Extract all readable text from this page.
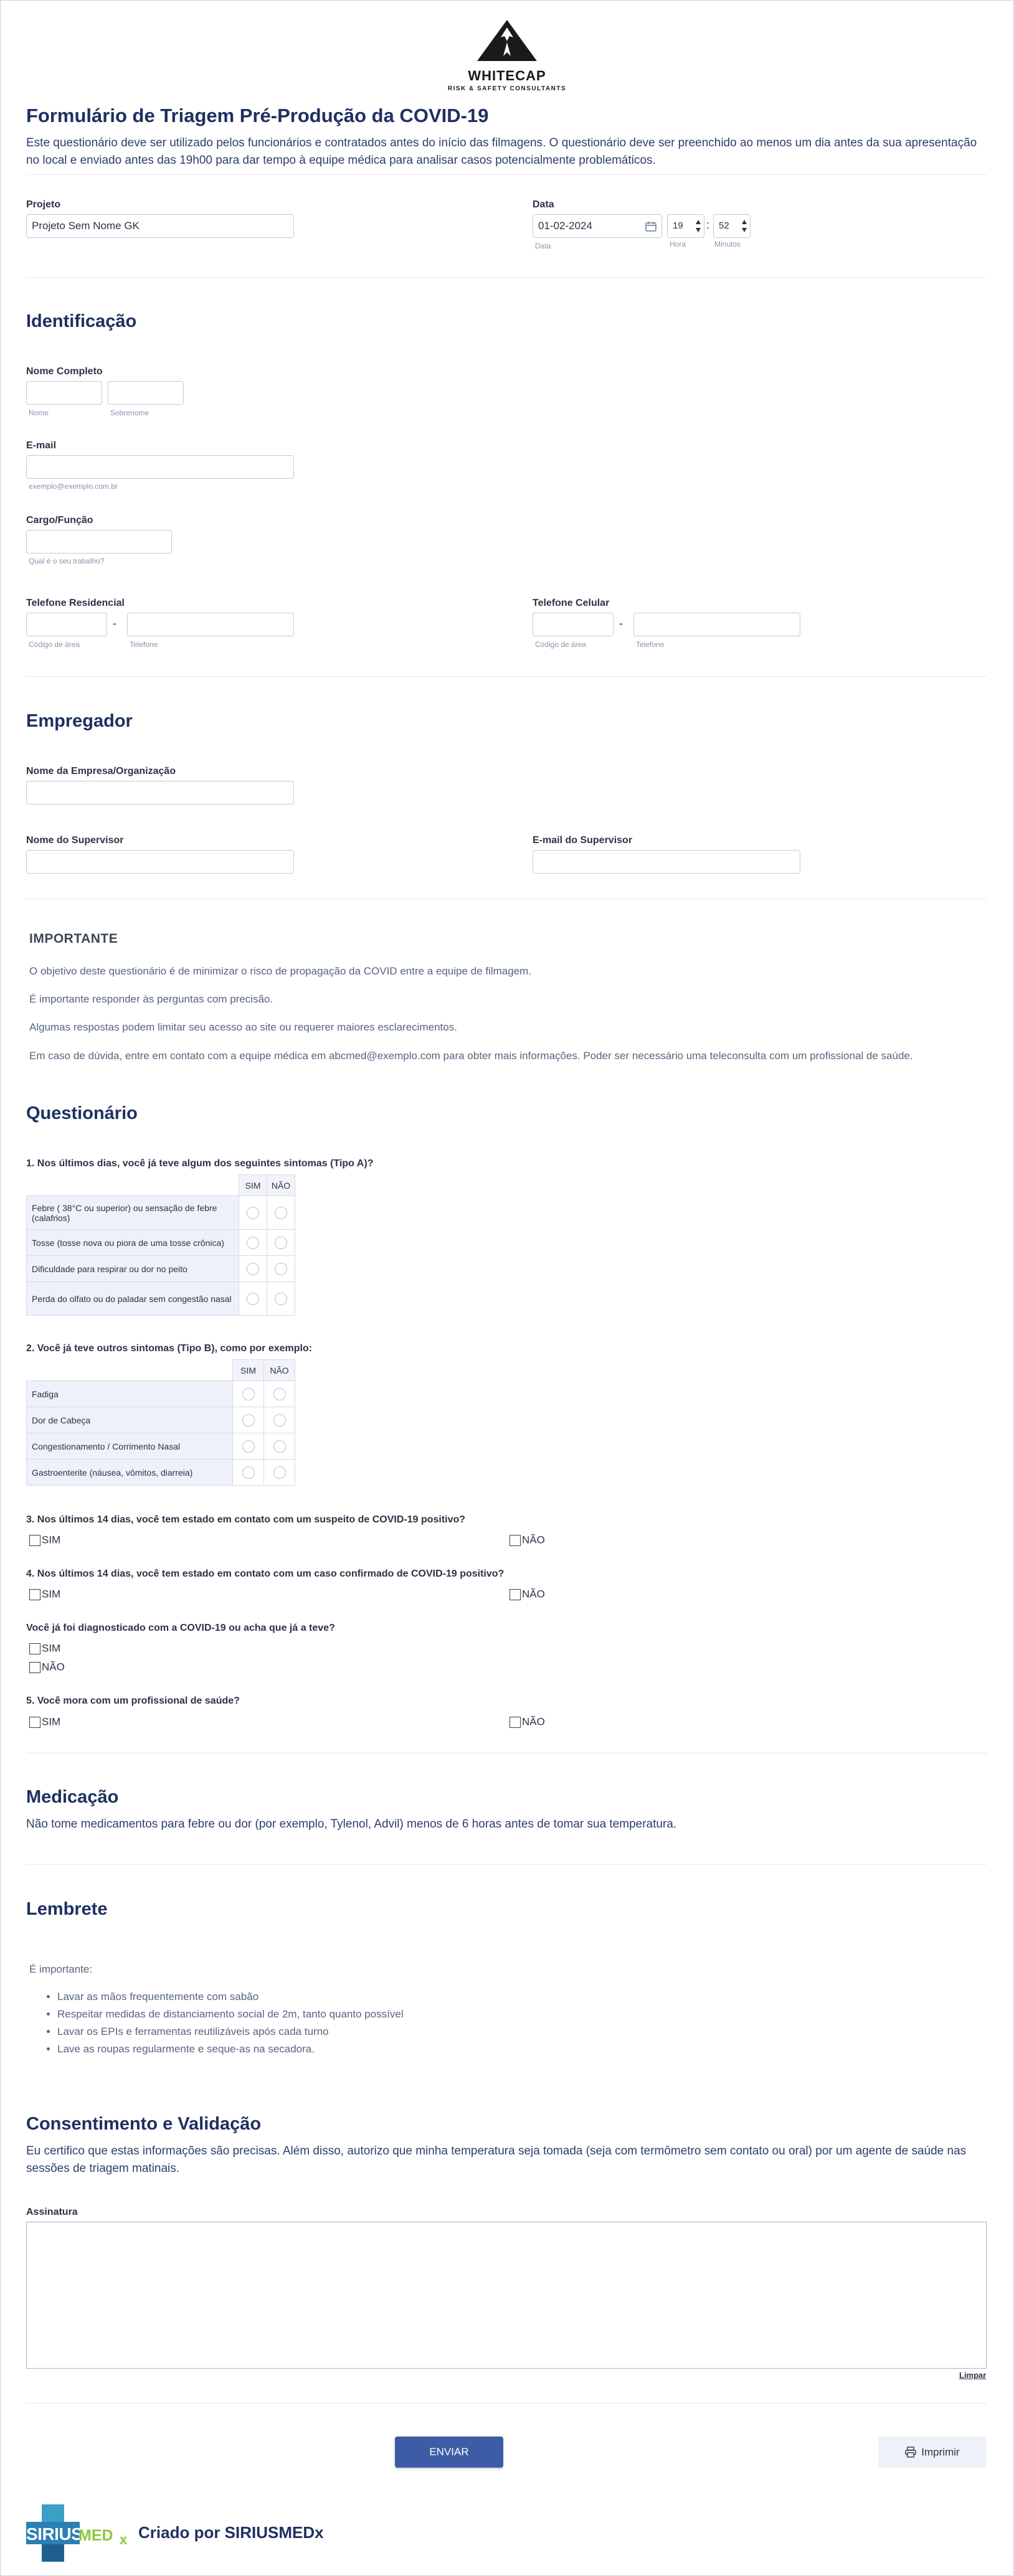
WHITECAP
RISK & SAFETY CONSULTANTS
Formulário de Triagem Pré-Produção da COVID-19
Este questionário deve ser utilizado pelos funcionários e contratados antes do início das filmagens. O questionário deve ser preenchido ao menos um dia antes da sua apresentação no local e enviado antes das 19h00 para dar tempo à equipe médica para analisar casos potencialmente problemáticos.
Projeto
Projeto Sem Nome GK
Data
01-02-2024
Data
19	: 52
Hora	Minutos
Identificação
Nome Completo
Nome	Sobrenome
E-mail
exemplo@exemplo.com.br
Cargo/Função
Qual é o seu trabalho?
Telefone Residencial
-
Código de área	Telefone
Telefone Celular
-
Código de área	Telefone
Empregador
Nome da Empresa/Organização
Nome do Supervisor	E-mail do Supervisor
IMPORTANTE
O objetivo deste questionário é de minimizar o risco de propagação da COVID entre a equipe de filmagem.
É importante responder às perguntas com precisão.
Algumas respostas podem limitar seu acesso ao site ou requerer maiores esclarecimentos.
Em caso de dúvida, entre em contato com a equipe médica em abcmed@exemplo.com para obter mais informações. Poder ser necessário uma teleconsulta com um profissional de saúde.
Questionário
1. Nos últimos dias, você já teve algum dos seguintes sintomas (Tipo A)?
	SIM	NÃO
Febre ( 38°C ou superior) ou sensação de febre (calafrios)		
Tosse (tosse nova ou piora de uma tosse crônica)		
Dificuldade para respirar ou dor no peito		
Perda do olfato ou do paladar sem congestão nasal		
2. Você já teve outros sintomas (Tipo B), como por exemplo:
	SIM	NÃO
Fadiga		
Dor de Cabeça		
Congestionamento / Corrimento Nasal		
Gastroenterite (náusea, vômitos, diarreia)		
3. Nos últimos 14 dias, você tem estado em contato com um suspeito de COVID-19 positivo?
SIM	NÃO
4. Nos últimos 14 dias, você tem estado em contato com um caso confirmado de COVID-19 positivo?
SIM	NÃO
Você já foi diagnosticado com a COVID-19 ou acha que já a teve?
SIM
NÃO
5. Você mora com um profissional de saúde?
SIM	NÃO
Medicação
Não tome medicamentos para febre ou dor (por exemplo, Tylenol, Advil) menos de 6 horas antes de tomar sua temperatura.
Lembrete
É importante:
• Lavar as mãos frequentemente com sabão
• Respeitar medidas de distanciamento social de 2m, tanto quanto possível
• Lavar os EPIs e ferramentas reutilizáveis após cada turno
• Lave as roupas regularmente e seque-as na secadora.
Consentimento e Validação
Eu certifico que estas informações são precisas. Além disso, autorizo que minha temperatura seja tomada (seja com termômetro sem contato ou oral) por um agente de saúde nas sessões de triagem matinais.
Assinatura
Limpar
ENVIAR	Imprimir
SIRIUS
MED x Criado por SIRIUSMEDx
